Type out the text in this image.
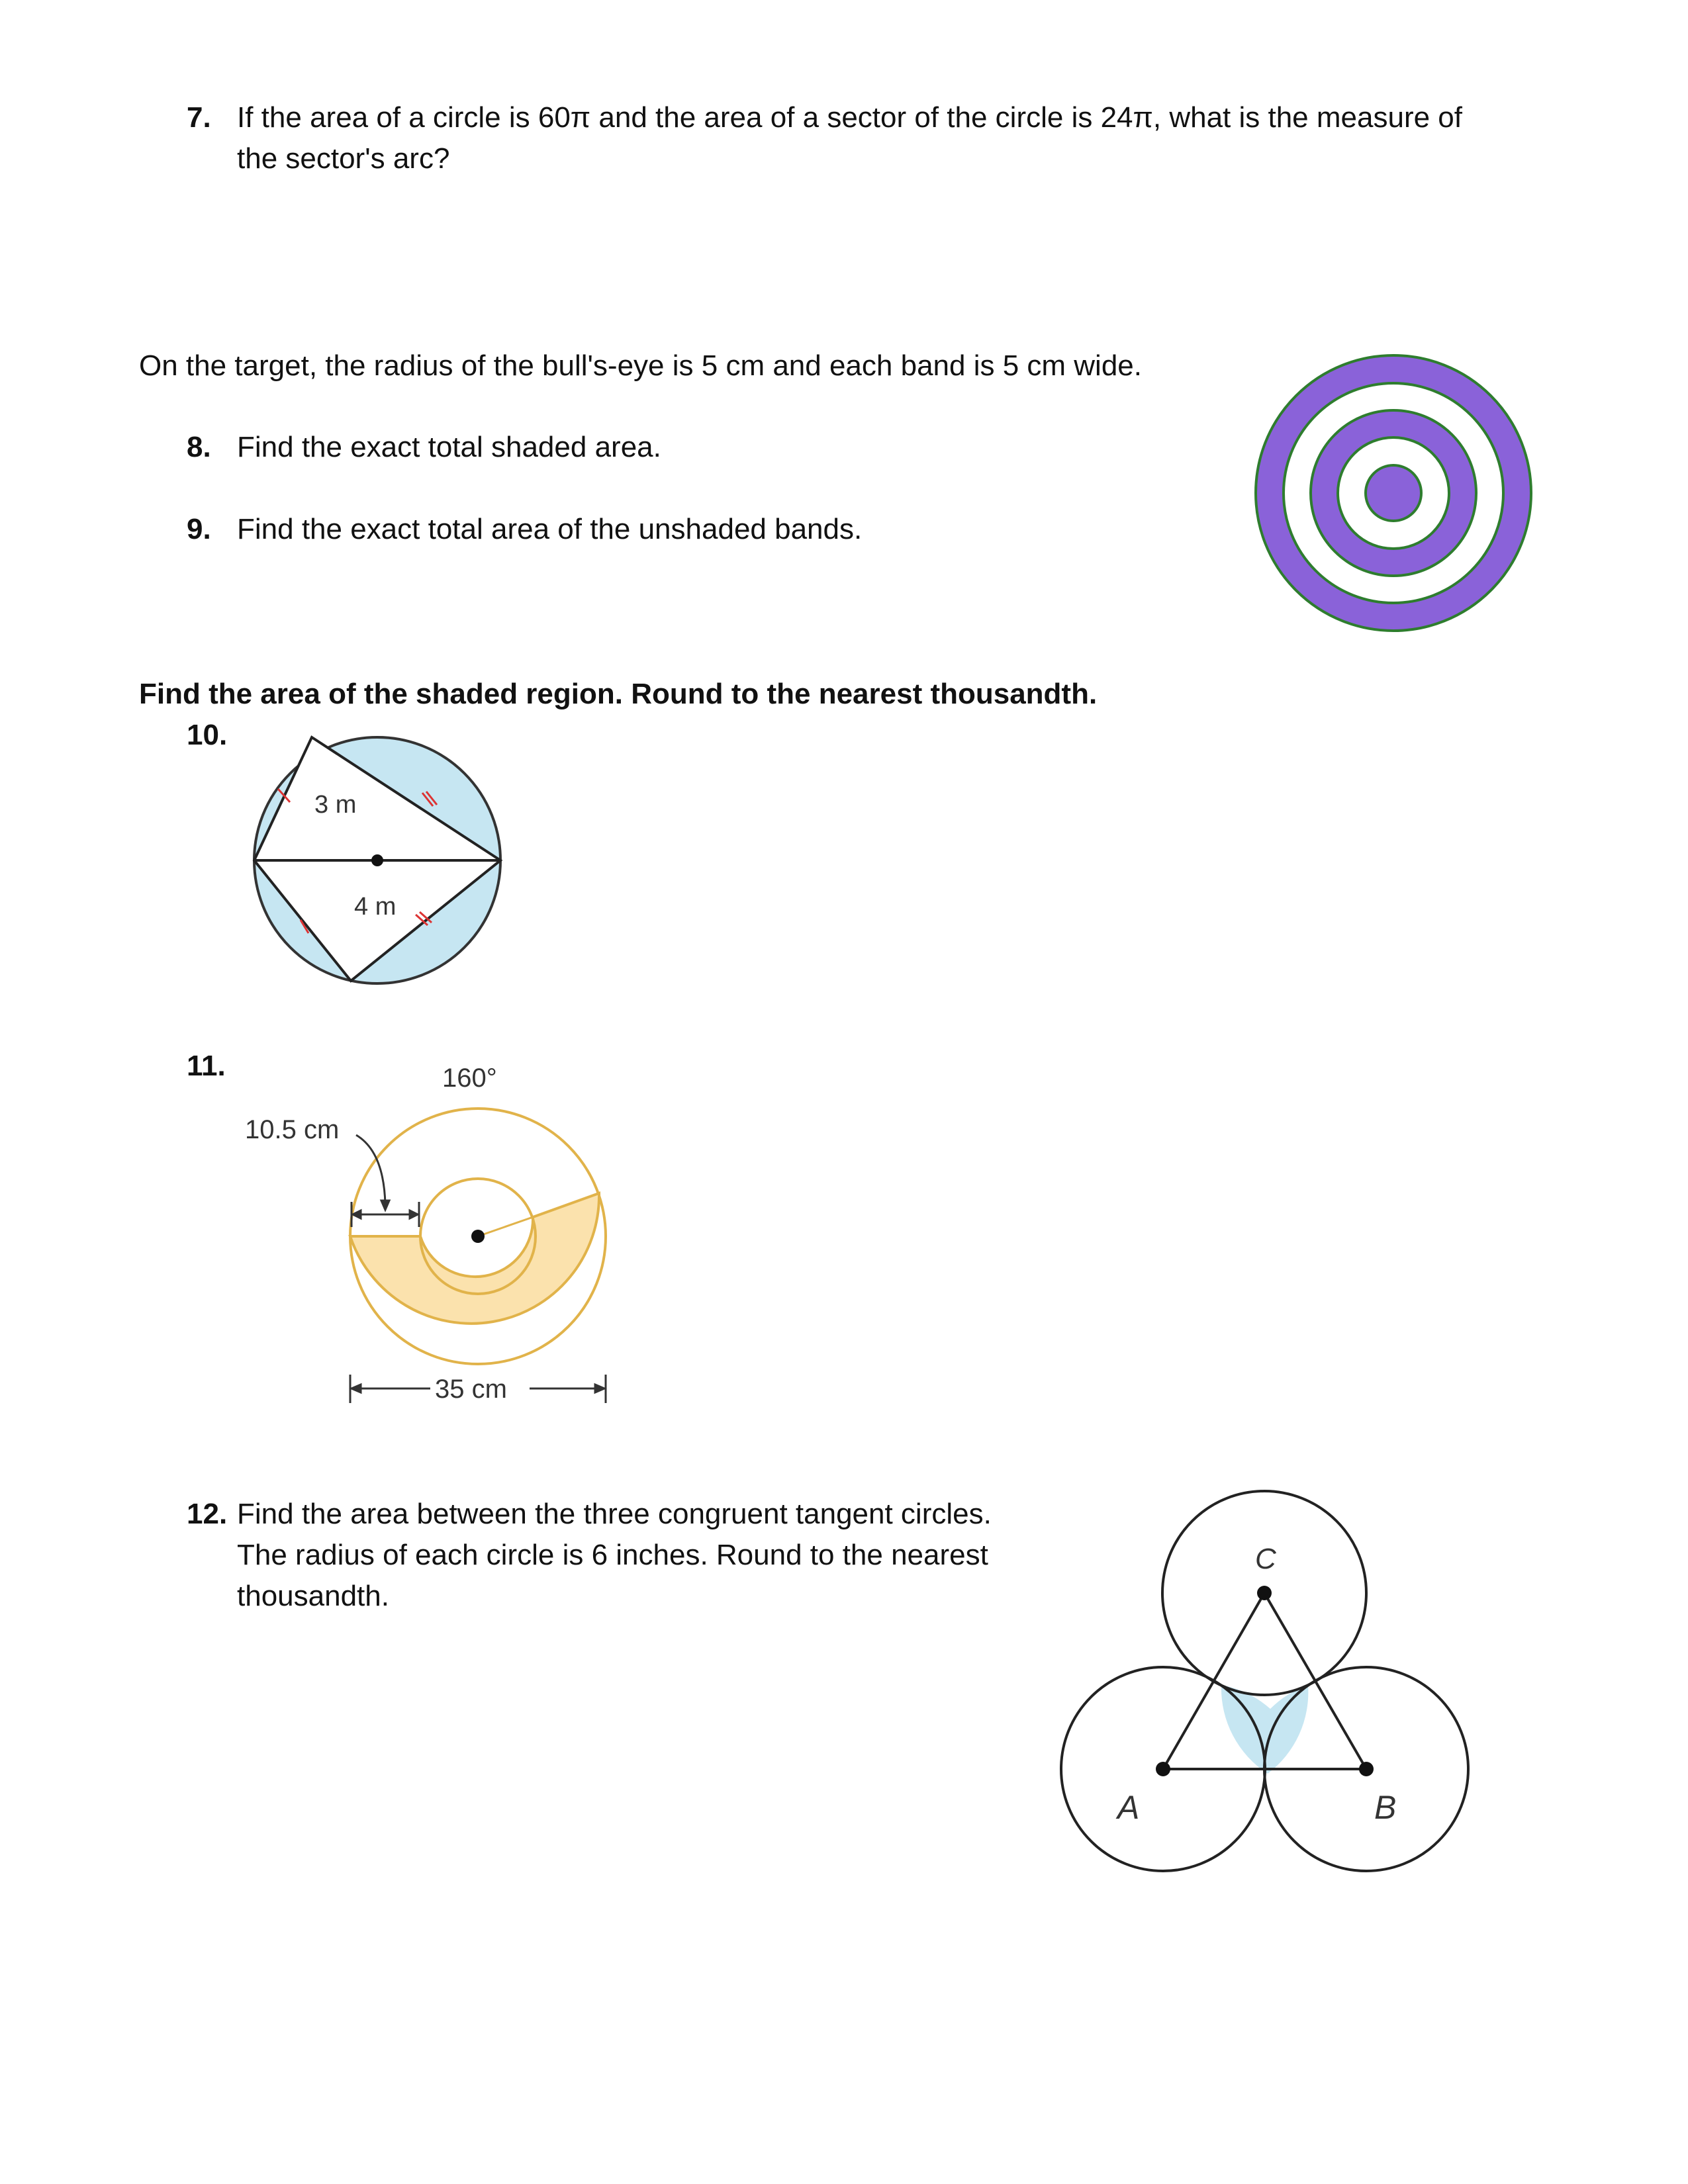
7. If the area of a circle is 60π and the area of a sector of the circle is 24π, what is the measure of
the sector's arc?
On the target, the radius of the bull's-eye is 5 cm and each band is 5 cm wide.
8. Find the exact total shaded area.
9. Find the exact total area of the unshaded bands.
Find the area of the shaded region. Round to the nearest thousandth.
10.
3 m
4 m
11.	160°
10.5 cm
35 cm
12. Find the area between the three congruent tangent circles.
The radius of each circle is 6 inches. Round to the nearest
thousandth.
C
A	B
